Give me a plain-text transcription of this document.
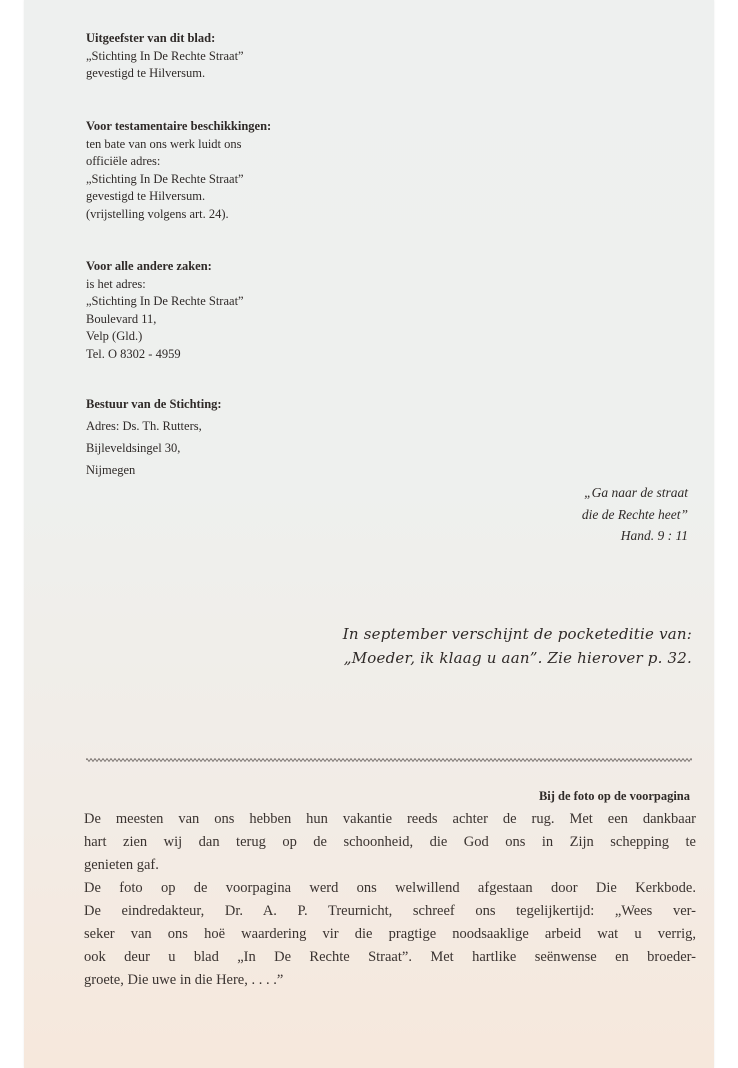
Uitgeefster van dit blad:
„Stichting In De Rechte Straat”
gevestigd te Hilversum.
Voor testamentaire beschikkingen:
ten bate van ons werk luidt ons
officiële adres:
„Stichting In De Rechte Straat”
gevestigd te Hilversum.
(vrijstelling volgens art. 24).
Voor alle andere zaken:
is het adres:
„Stichting In De Rechte Straat”
Boulevard 11,
Velp (Gld.)
Tel. O 8302 - 4959
Bestuur van de Stichting:
Adres: Ds. Th. Rutters,
Bijleveldsingel 30,
Nijmegen
„Ga naar de straat
die de Rechte heet”
Hand. 9 : 11
In september verschijnt de pocketeditie van:
„Moeder, ik klaag u aan”. Zie hierover p. 32.
Bij de foto op de voorpagina
De meesten van ons hebben hun vakantie reeds achter de rug. Met een dankbaar
hart zien wij dan terug op de schoonheid, die God ons in Zijn schepping te
genieten gaf.
De foto op de voorpagina werd ons welwillend afgestaan door Die Kerkbode.
De eindredakteur, Dr. A. P. Treurnicht, schreef ons tegelijkertijd: „Wees ver-
seker van ons hoë waardering vir die pragtige noodsaaklige arbeid wat u verrig,
ook deur u blad „In De Rechte Straat”. Met hartlike seënwense en broeder-
groete, Die uwe in die Here, . . . .”
